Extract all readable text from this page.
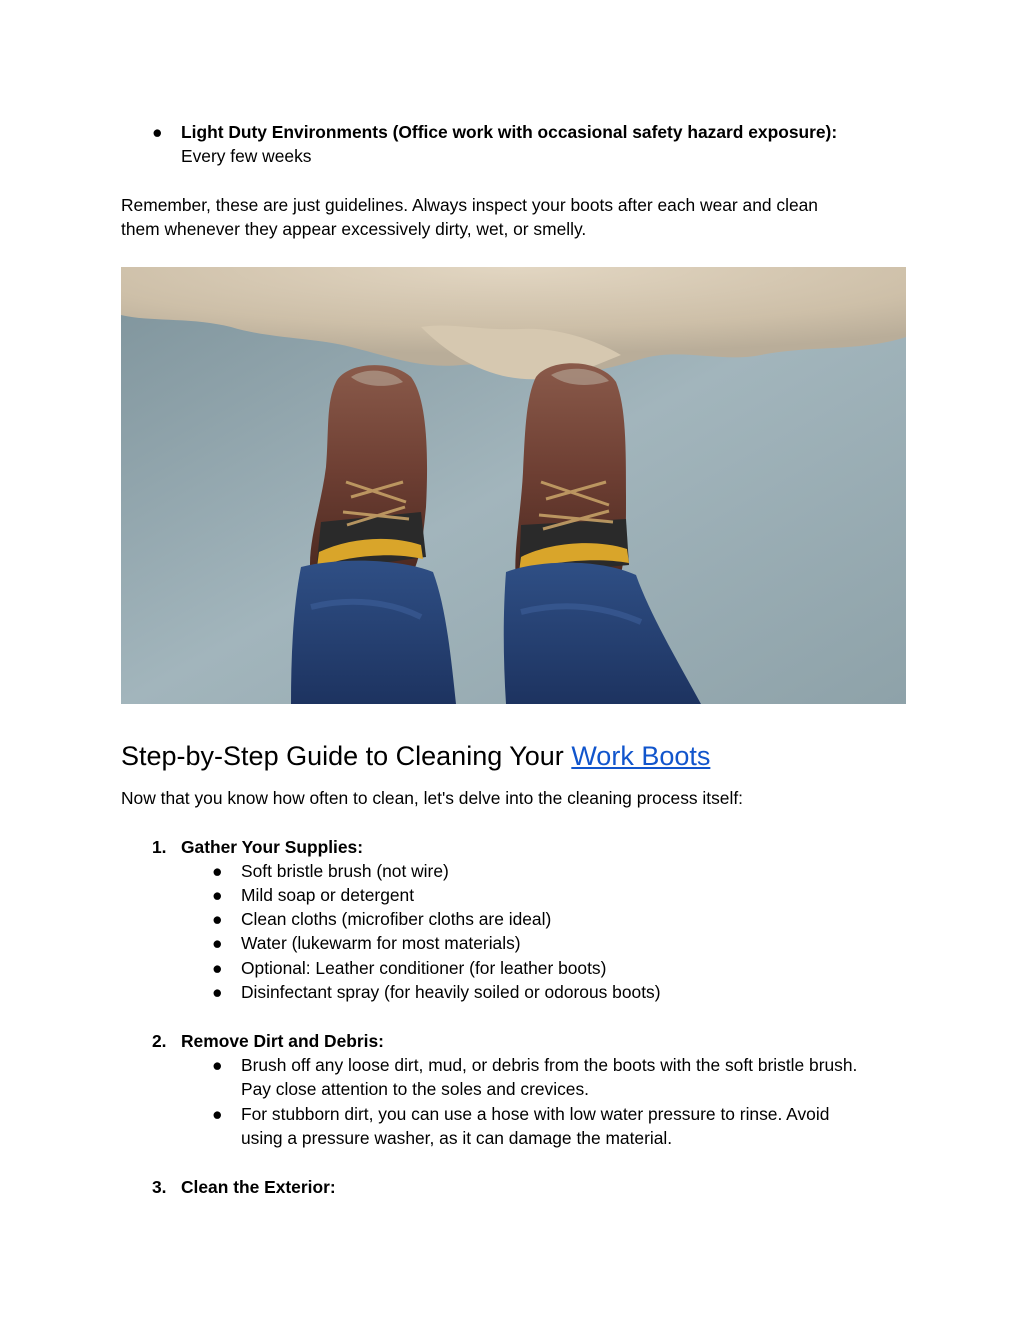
●	Light Duty Environments (Office work with occasional safety hazard exposure):
Every few weeks
Remember, these are just guidelines. Always inspect your boots after each wear and clean
them whenever they appear excessively dirty, wet, or smelly.
Step-by-Step Guide to Cleaning Your Work Boots
Now that you know how often to clean, let's delve into the cleaning process itself:
1. Gather Your Supplies:
● Soft bristle brush (not wire)
● Mild soap or detergent
● Clean cloths (microfiber cloths are ideal)
● Water (lukewarm for most materials)
● Optional: Leather conditioner (for leather boots)
● Disinfectant spray (for heavily soiled or odorous boots)
2. Remove Dirt and Debris:
● Brush off any loose dirt, mud, or debris from the boots with the soft bristle brush.
Pay close attention to the soles and crevices.
● For stubborn dirt, you can use a hose with low water pressure to rinse. Avoid
using a pressure washer, as it can damage the material.
3. Clean the Exterior:
